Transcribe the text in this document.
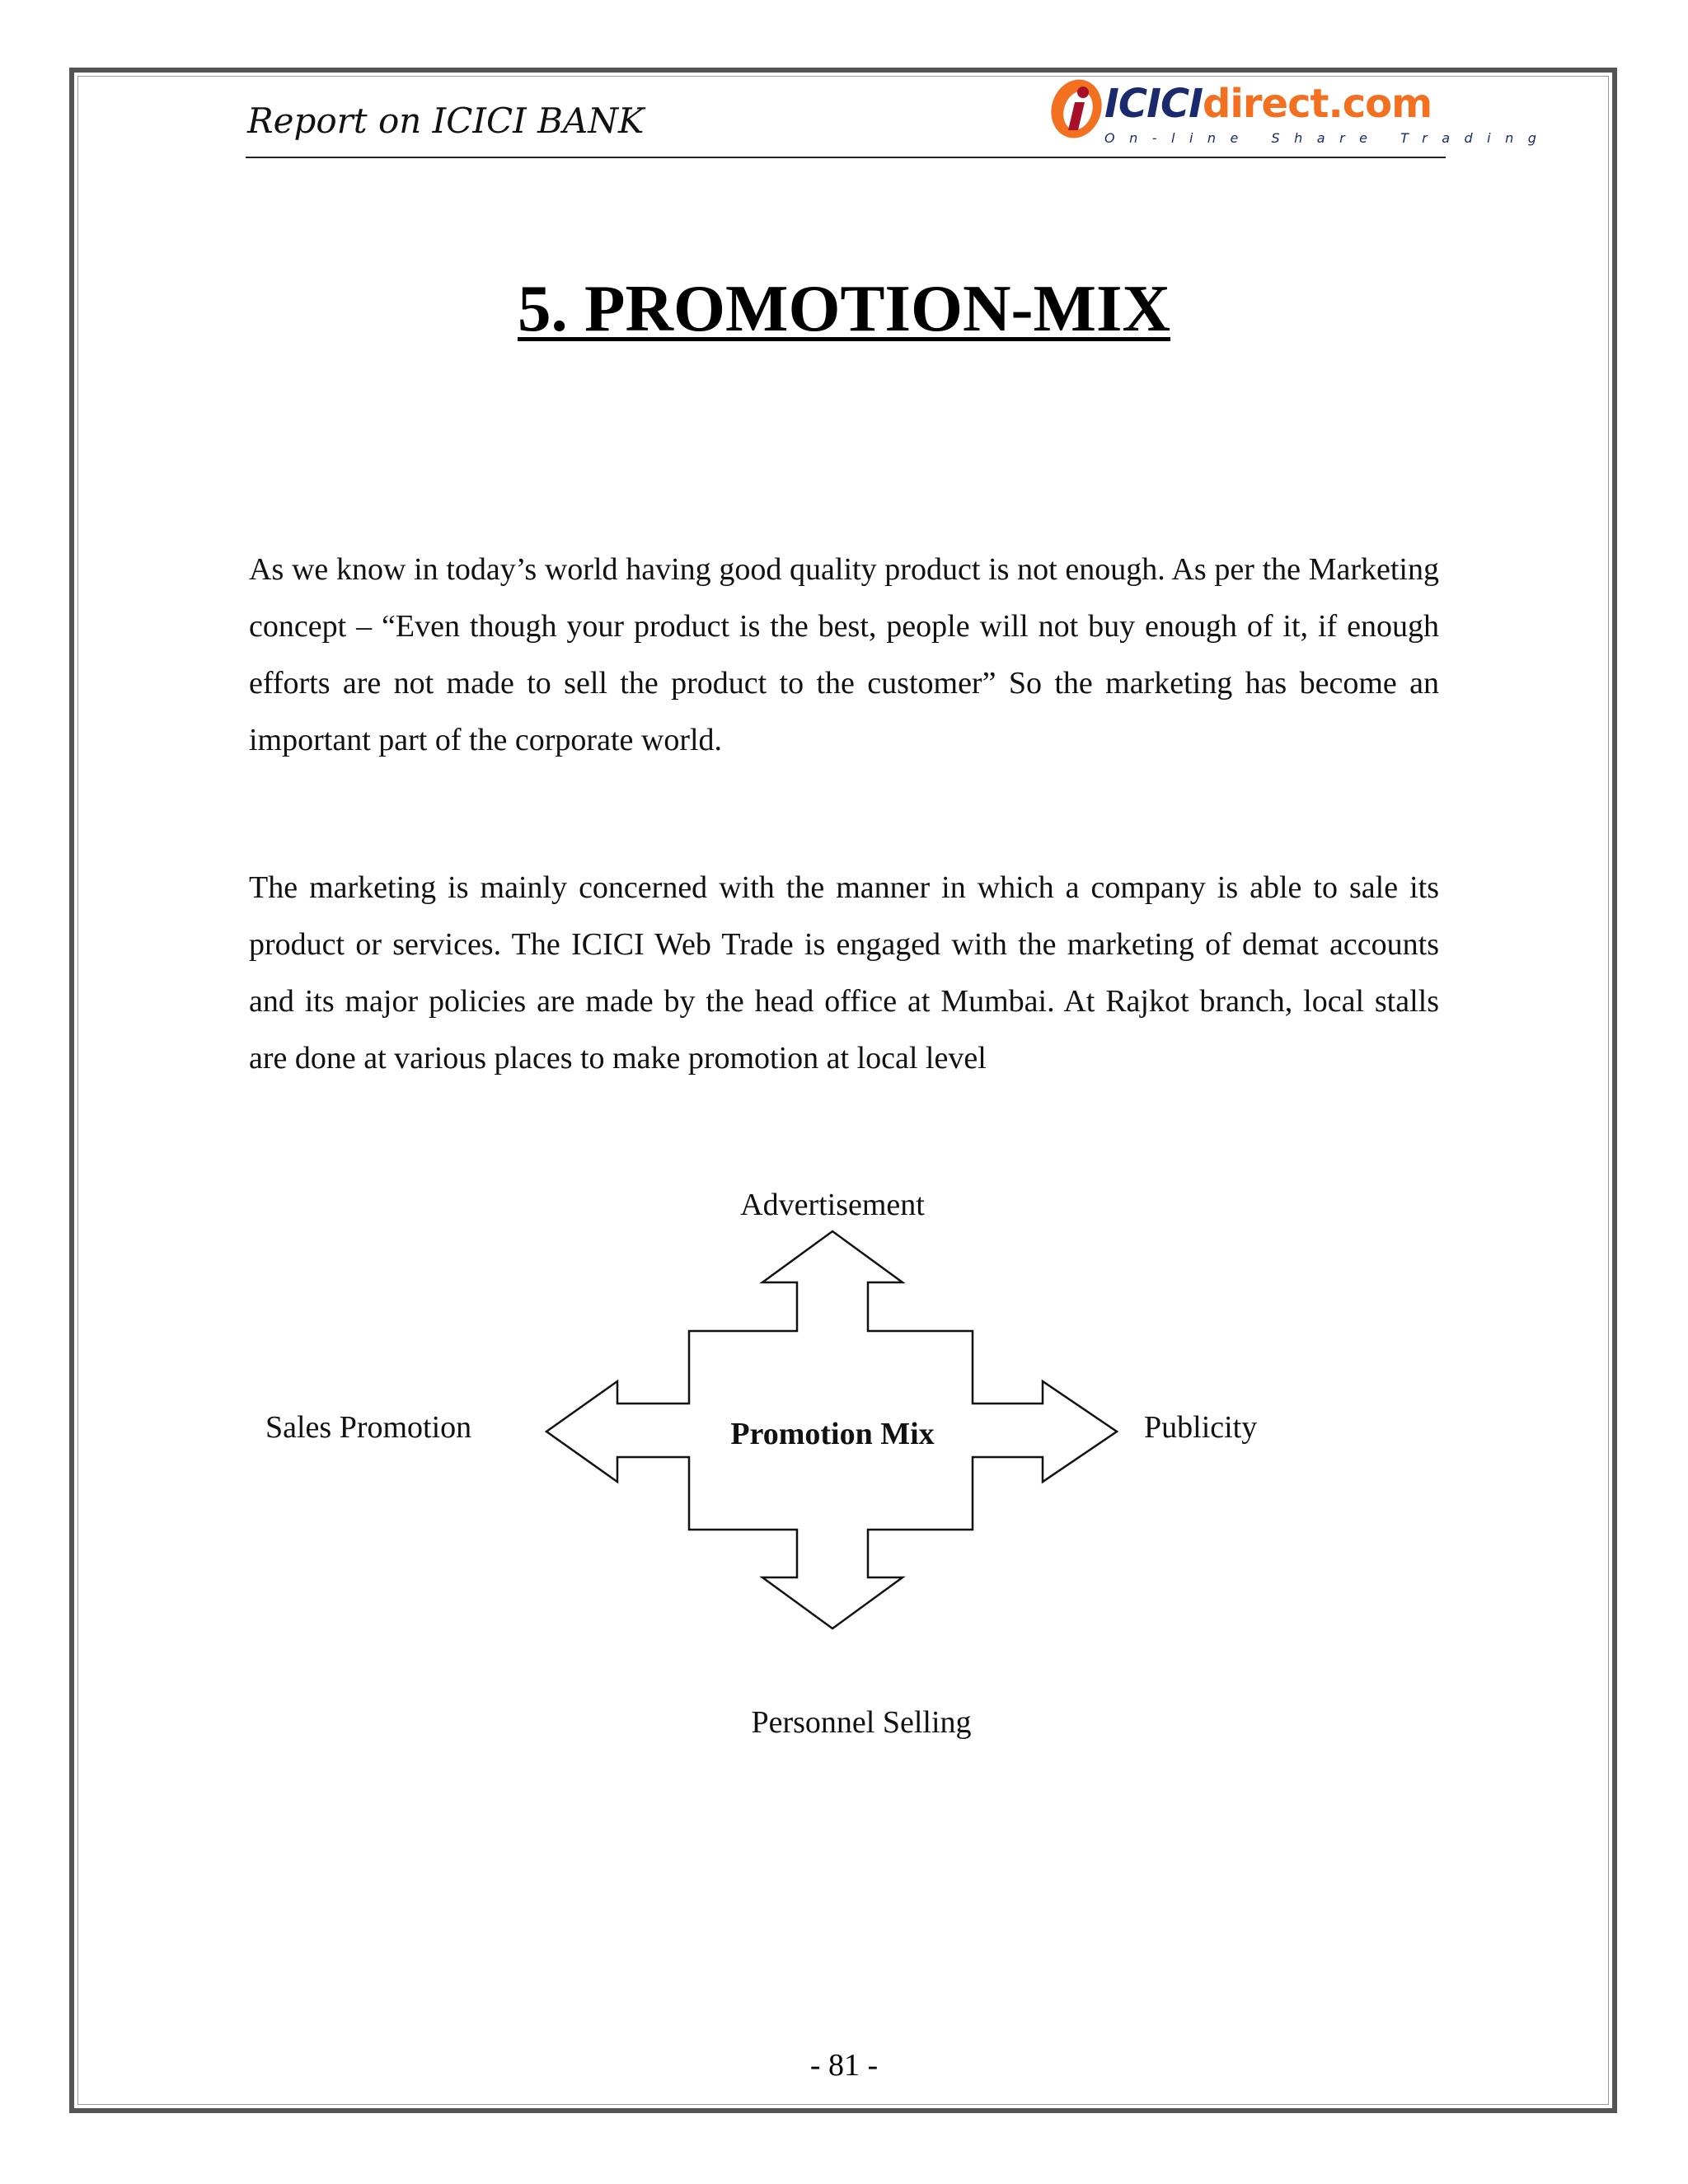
Report on ICICI BANK	ICICIdirect.com
On-line Share Trading
5. PROMOTION-MIX

As we know in today’s world having good quality product is not enough. As per the Marketing concept – “Even though your product is the best, people will not buy enough of it, if enough efforts are not made to sell the product to the customer” So the marketing has become an important part of the corporate world.

The marketing is mainly concerned with the manner in which a company is able to sale its product or services. The ICICI Web Trade is engaged with the marketing of demat accounts and its major policies are made by the head office at Mumbai. At Rajkot branch, local stalls are done at various places to make promotion at local level

Advertisement
Sales Promotion	Publicity
Personnel Selling
Promotion Mix
- 81 -
